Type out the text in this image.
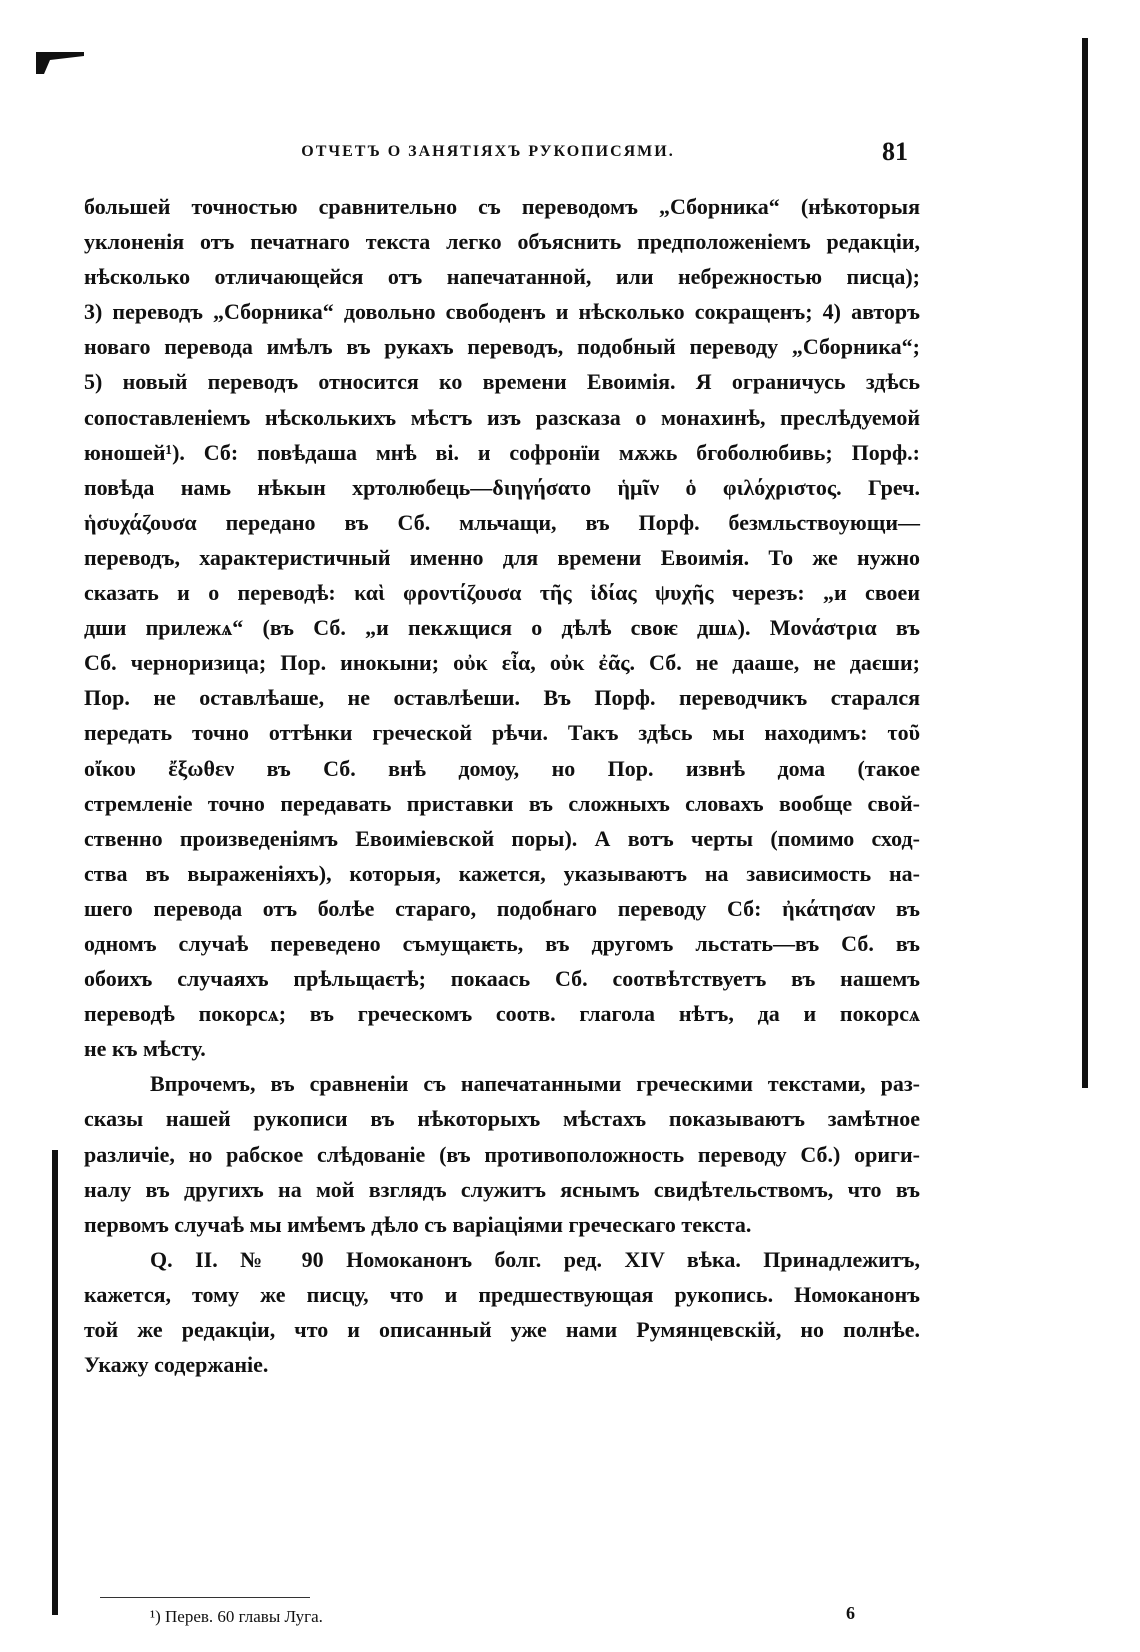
ОТЧЕТЪ О ЗАНЯТІЯХЪ РУКОПИСЯМИ.	81
большей точностью сравнительно съ переводомъ „Сборника“ (нѣкоторыя
уклоненія отъ печатнаго текста легко объяснить предположеніемъ редакціи,
нѣсколько отличающейся отъ напечатанной, или небрежностью писца);
3) переводъ „Сборника“ довольно свободенъ и нѣсколько сокращенъ; 4) авторъ
новаго перевода имѣлъ въ рукахъ переводъ, подобный переводу „Сборника“;
5) новый переводъ относится ко времени Евоимія. Я ограничусь здѣсь
сопоставленіемъ нѣсколькихъ мѣстъ изъ разсказа о монахинѣ, преслѣдуемой
юношей¹). Сб: повѣдаша мнѣ ві. и софронїи мѫжь бгоболюбивь; Порф.:
повѣда намь нѣкын хртолюбець—διηγήσατο ἡμῖν ὁ φιλόχριστος. Греч.
ἡσυχάζουσα передано въ Сб. мльчащи, въ Порф. безмльствоующи—
переводъ, характеристичный именно для времени Евоимія. То же нужно
сказать и о переводѣ: καὶ φροντίζουσα τῆς ἰδίας ψυχῆς черезъ: „и своеи
дши прилежѧ“ (въ Сб. „и пекѫщися о дѣлѣ своѥ дшѧ). Μονάστρια въ
Сб. черноризица; Пор. инокыни; οὐκ εἶα, οὐκ ἐᾶς. Сб. не дааше, не даєши;
Пор. не оставлѣаше, не оставлѣеши. Въ Порф. переводчикъ старался
передать точно оттѣнки греческой рѣчи. Такъ здѣсь мы находимъ: τοῦ
οἴκου ἔξωθεν въ Сб. внѣ домоу, но Пор. извнѣ дома (такое
стремленіе точно передавать приставки въ сложныхъ словахъ вообще свой-
ственно произведеніямъ Евоиміевской поры). А вотъ черты (помимо сход-
ства въ выраженіяхъ), которыя, кажется, указываютъ на зависимость на-
шего перевода отъ болѣе стараго, подобнаго переводу Сб: ἠκάτησαν въ
одномъ случаѣ переведено съмущаѥть, въ другомъ льстать—въ Сб. въ
обоихъ случаяхъ прѣльщаєтѣ; покаась Сб. соотвѣтствуетъ въ нашемъ
переводѣ покорсѧ; въ греческомъ соотв. глагола нѣтъ, да и покорсѧ
не къ мѣсту.
Впрочемъ, въ сравненіи съ напечатанными греческими текстами, раз-
сказы нашей рукописи въ нѣкоторыхъ мѣстахъ показываютъ замѣтное
различіе, но рабское слѣдованіе (въ противоположность переводу Сб.) ориги-
налу въ другихъ на мой взглядъ служитъ яснымъ свидѣтельствомъ, что въ
первомъ случаѣ мы имѣемъ дѣло съ варіаціями греческаго текста.
Q. II. № 90 Номоканонъ болг. ред. XIV вѣка. Принадлежитъ,
кажется, тому же писцу, что и предшествующая рукопись. Номоканонъ
той же редакціи, что и описанный уже нами Румянцевскій, но полнѣе.
Укажу содержаніе.
¹) Перев. 60 главы Луга.	6
